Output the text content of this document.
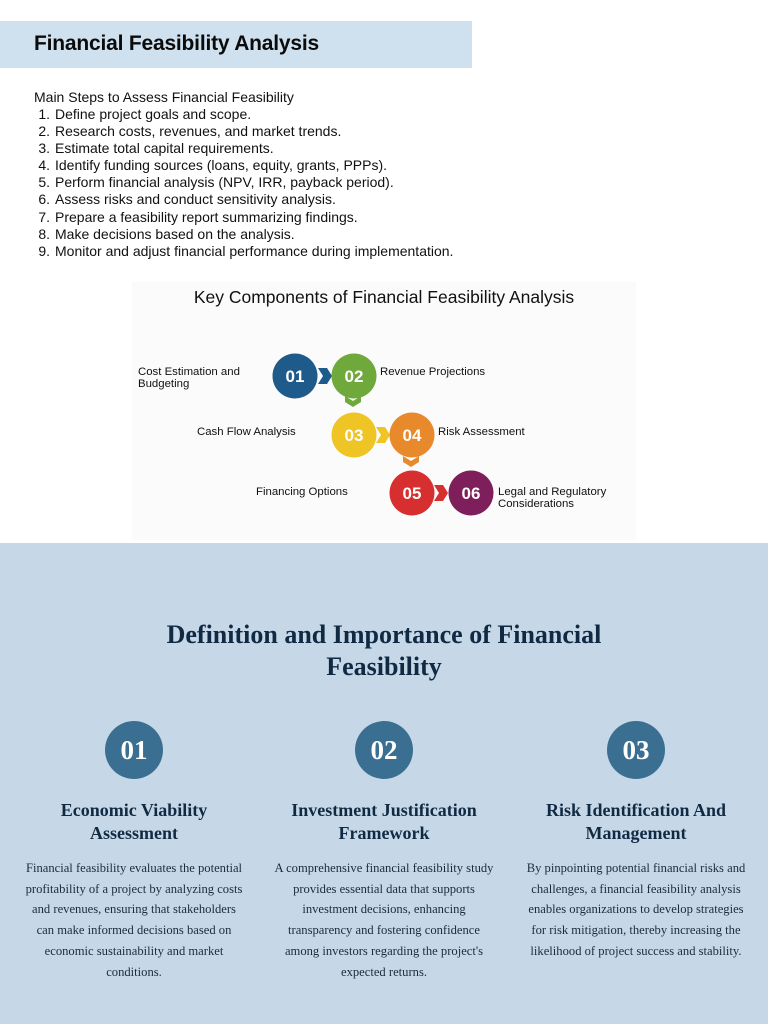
Financial Feasibility Analysis
Main Steps to Assess Financial Feasibility
1. Define project goals and scope.
2. Research costs, revenues, and market trends.
3. Estimate total capital requirements.
4. Identify funding sources (loans, equity, grants, PPPs).
5. Perform financial analysis (NPV, IRR, payback period).
6. Assess risks and conduct sensitivity analysis.
7. Prepare a feasibility report summarizing findings.
8. Make decisions based on the analysis.
9. Monitor and adjust financial performance during implementation.
Key Components of Financial Feasibility Analysis
01 02
03 04
05 06
Cost Estimation and
Budgeting
Revenue Projections
Cash Flow Analysis	Risk Assessment
Financing Options	Legal and Regulatory
Considerations
Definition and Importance of Financial
Feasibility
01
Economic Viability
Assessment

Financial feasibility evaluates the potential profitability of a project by analyzing costs and revenues, ensuring that stakeholders can make informed decisions based on economic sustainability and market conditions.

02
Investment Justification
Framework

A comprehensive financial feasibility study provides essential data that supports investment decisions, enhancing transparency and fostering confidence among investors regarding the project's expected returns.

03
Risk Identification And
Management

By pinpointing potential financial risks and challenges, a financial feasibility analysis enables organizations to develop strategies for risk mitigation, thereby increasing the likelihood of project success and stability.
